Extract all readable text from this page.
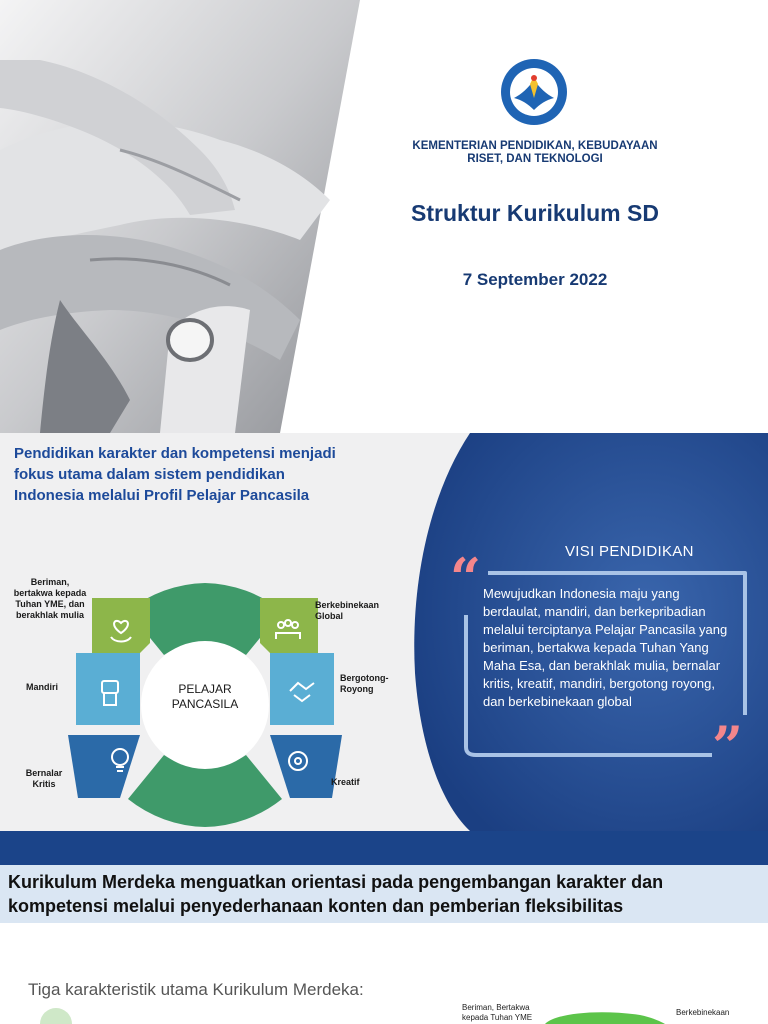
KEMENTERIAN PENDIDIKAN, KEBUDAYAAN
RISET, DAN TEKNOLOGI
Struktur Kurikulum SD
7 September 2022
Pendidikan karakter dan kompetensi menjadi
fokus utama dalam sistem pendidikan
Indonesia melalui Profil Pelajar Pancasila
PELAJAR
PANCASILA
Beriman, bertakwa kepada Tuhan YME, dan berakhlak mulia
Mandiri
Bernalar Kritis
Berkebinekaan Global
Bergotong-Royong
Kreatif
VISI PENDIDIKAN
“
”
Mewujudkan Indonesia maju yang berdaulat, mandiri, dan berkepribadian melalui terciptanya Pelajar Pancasila yang beriman, bertakwa kepada Tuhan Yang Maha Esa, dan berakhlak mulia, bernalar kritis, kreatif, mandiri, bergotong royong, dan berkebinekaan global
Kurikulum Merdeka menguatkan orientasi pada pengembangan karakter dan
kompetensi melalui penyederhanaan konten dan pemberian fleksibilitas
Tiga karakteristik utama Kurikulum Merdeka:
Beriman, Bertakwa
kepada Tuhan YME
Berkebinekaan
